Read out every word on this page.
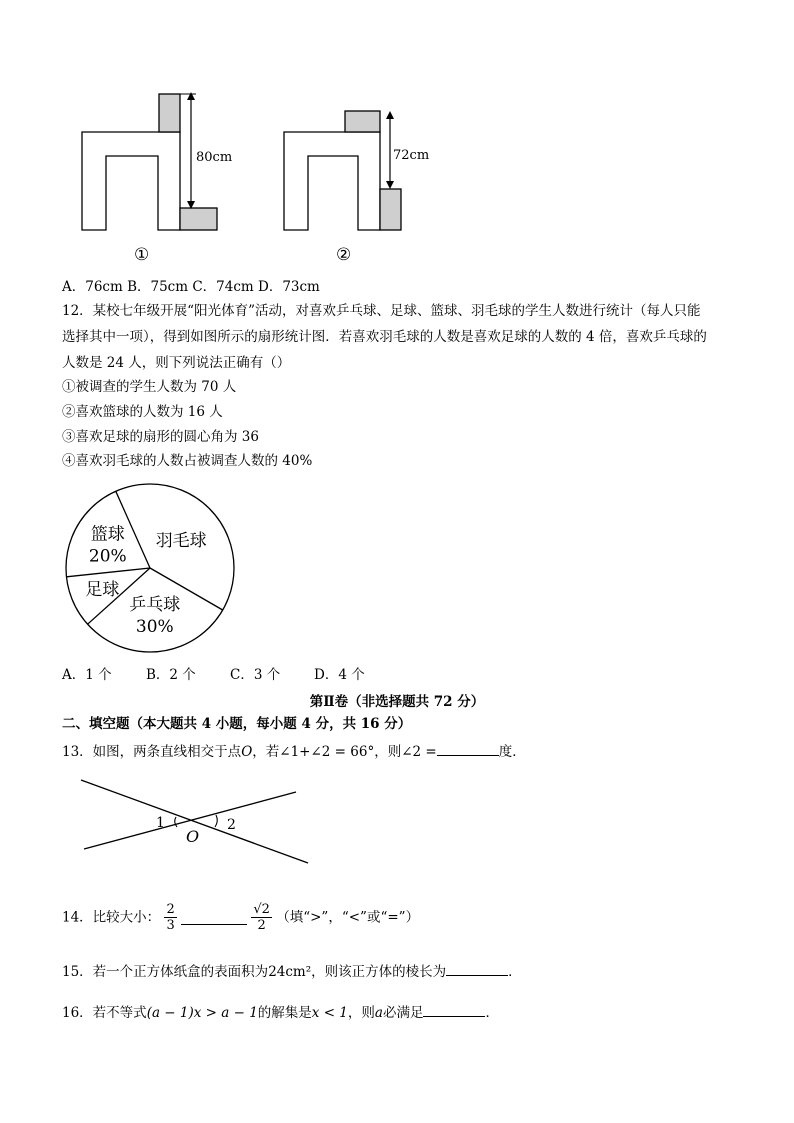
80cm
①
72cm
②
A．76cm B．75cm C．74cm D．73cm
12．某校七年级开展“阳光体育”活动，对喜欢乒乓球、足球、篮球、羽毛球的学生人数进行统计（每人只能
选择其中一项），得到如图所示的扇形统计图．若喜欢羽毛球的人数是喜欢足球的人数的 4 倍，喜欢乒乓球的
人数是 24 人，则下列说法正确有（）
①被调查的学生人数为 70 人
②喜欢篮球的人数为 16 人
③喜欢足球的扇形的圆心角为 36
④喜欢羽毛球的人数占被调查人数的 40%
篮球
20%
羽毛球
乒乓球
30%
足球
A．1 个	B．2 个	C．3 个	D．4 个
第Ⅱ卷（非选择题共 72 分）
二、填空题（本大题共 4 小题，每小题 4 分，共 16 分）
13．如图，两条直线相交于点O，若∠1+∠2 = 66°，则∠2 =	度．
1	2
O
14．比较大小： $\frac{2}{3}$
	$\frac{√2}{2}$ （填“>”，“<”或“=”）
15．若一个正方体纸盒的表面积为24cm²，则该正方体的棱长为	．
16．若不等式(a − 1)x > a − 1的解集是x < 1，则a必满足	．
